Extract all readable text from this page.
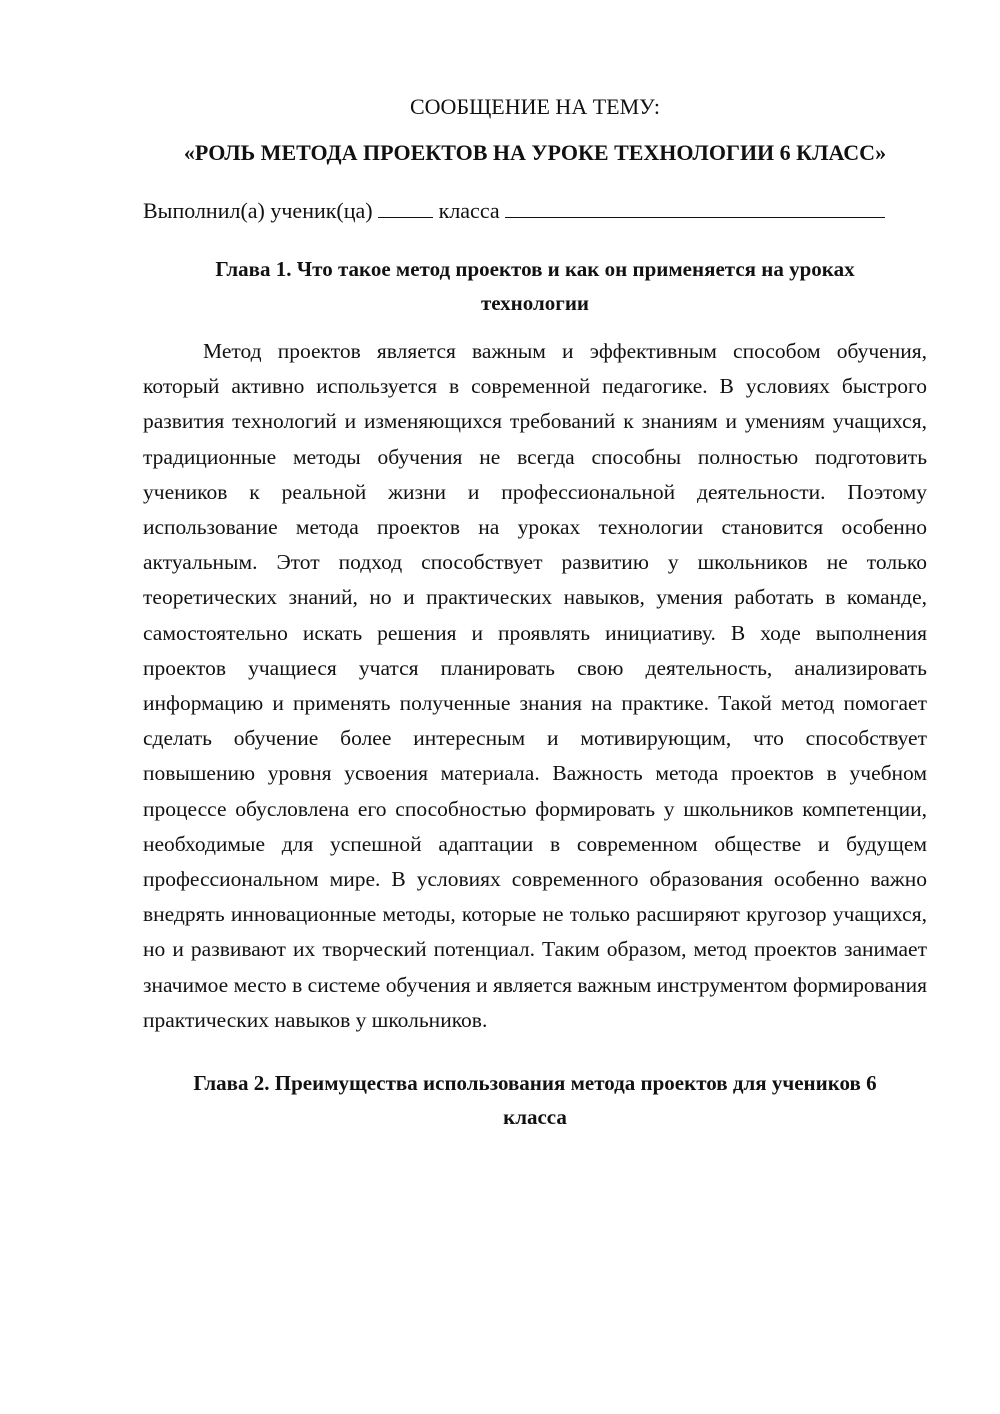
СООБЩЕНИЕ НА ТЕМУ:

«РОЛЬ МЕТОДА ПРОЕКТОВ НА УРОКЕ ТЕХНОЛОГИИ 6 КЛАСС»

Выполнил(а) ученик(ца)	класса

Глава 1. Что такое метод проектов и как он применяется на уроках технологии

Метод проектов является важным и эффективным способом обучения, который активно используется в современной педагогике. В условиях быстрого развития технологий и изменяющихся требований к знаниям и умениям учащихся, традиционные методы обучения не всегда способны полностью подготовить учеников к реальной жизни и профессиональной деятельности. Поэтому использование метода проектов на уроках технологии становится особенно актуальным. Этот подход способствует развитию у школьников не только теоретических знаний, но и практических навыков, умения работать в команде, самостоятельно искать решения и проявлять инициативу. В ходе выполнения проектов учащиеся учатся планировать свою деятельность, анализировать информацию и применять полученные знания на практике. Такой метод помогает сделать обучение более интересным и мотивирующим, что способствует повышению уровня усвоения материала. Важность метода проектов в учебном процессе обусловлена его способностью формировать у школьников компетенции, необходимые для успешной адаптации в современном обществе и будущем профессиональном мире. В условиях современного образования особенно важно внедрять инновационные методы, которые не только расширяют кругозор учащихся, но и развивают их творческий потенциал. Таким образом, метод проектов занимает значимое место в системе обучения и является важным инструментом формирования практических навыков у школьников.

Глава 2. Преимущества использования метода проектов для учеников 6 класса
